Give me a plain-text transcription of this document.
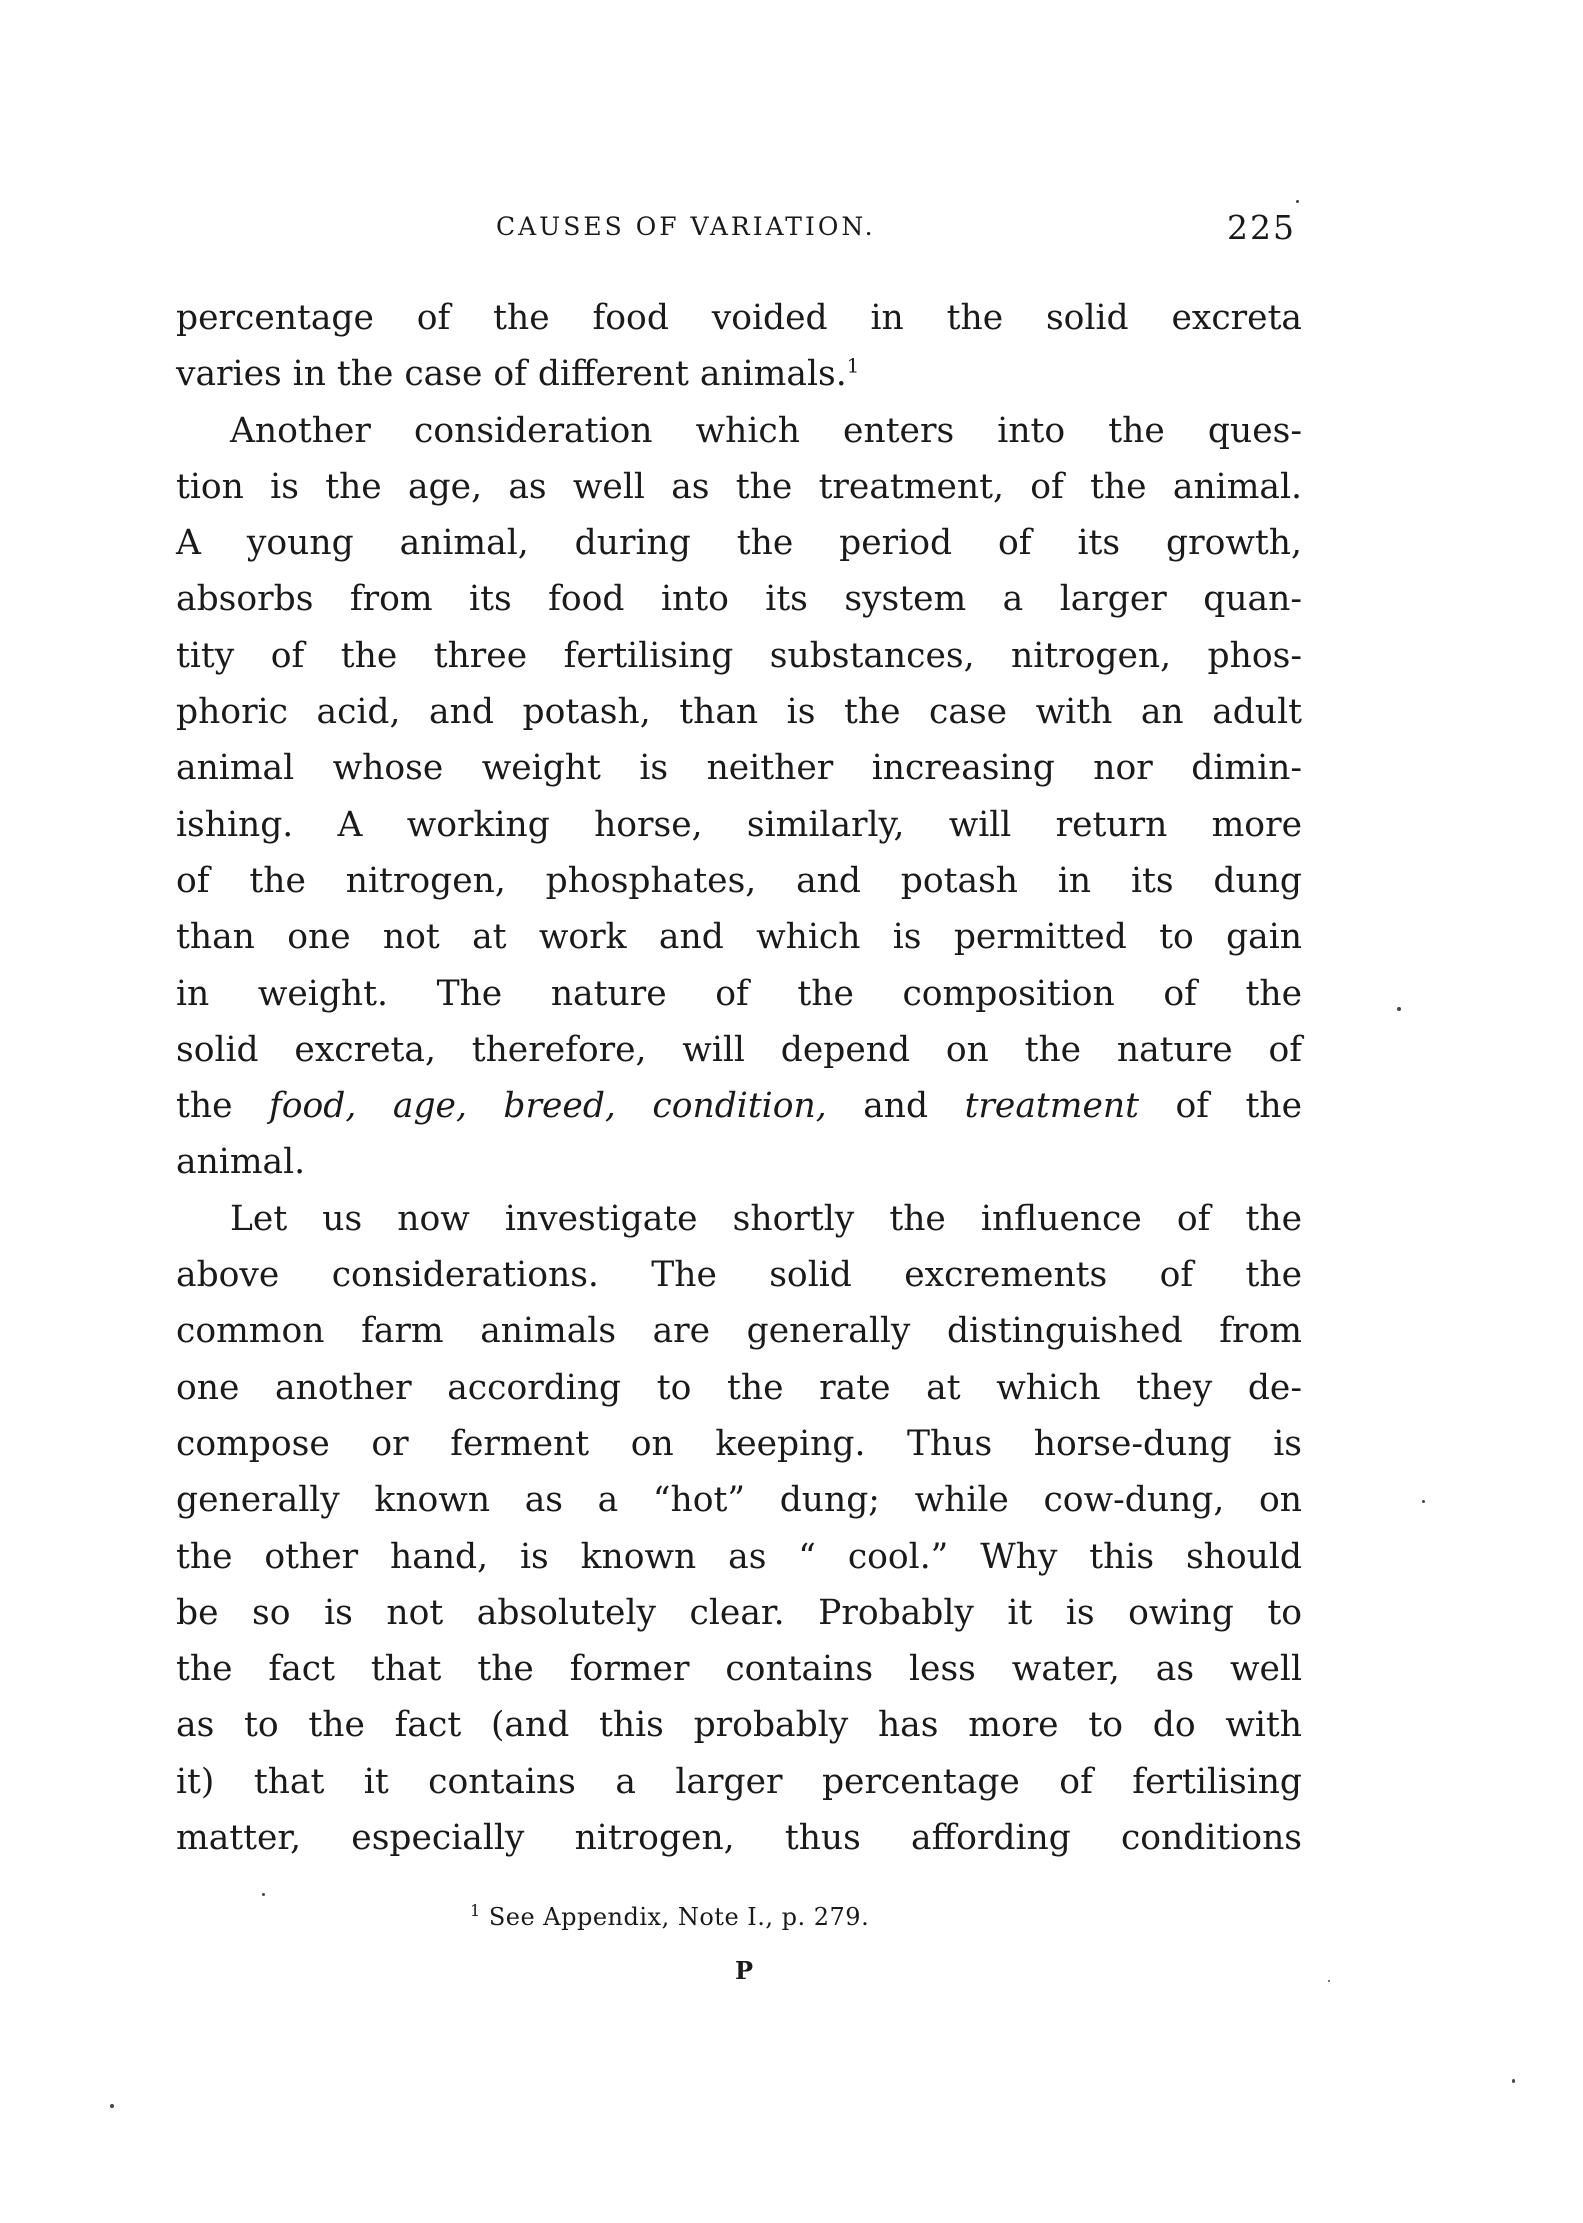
CAUSES OF VARIATION.	225
percentage of the food voided in the solid excreta
varies in the case of different animals.$^1$
Another consideration which enters into the ques-
tion is the age, as well as the treatment, of the animal.
A young animal, during the period of its growth,
absorbs from its food into its system a larger quan-
tity of the three fertilising substances, nitrogen, phos-
phoric acid, and potash, than is the case with an adult
animal whose weight is neither increasing nor dimin-
ishing. A working horse, similarly, will return more
of the nitrogen, phosphates, and potash in its dung
than one not at work and which is permitted to gain
in weight. The nature of the composition of the
solid excreta, therefore, will depend on the nature of
the food, age, breed, condition, and treatment of the
animal.
Let us now investigate shortly the influence of the
above considerations. The solid excrements of the
common farm animals are generally distinguished from
one another according to the rate at which they de-
compose or ferment on keeping. Thus horse-dung is
generally known as a “hot” dung; while cow-dung, on
the other hand, is known as “ cool.” Why this should
be so is not absolutely clear. Probably it is owing to
the fact that the former contains less water, as well
as to the fact (and this probably has more to do with
it) that it contains a larger percentage of fertilising
matter, especially nitrogen, thus affording conditions
$^1$ See Appendix, Note I., p. 279.
P
